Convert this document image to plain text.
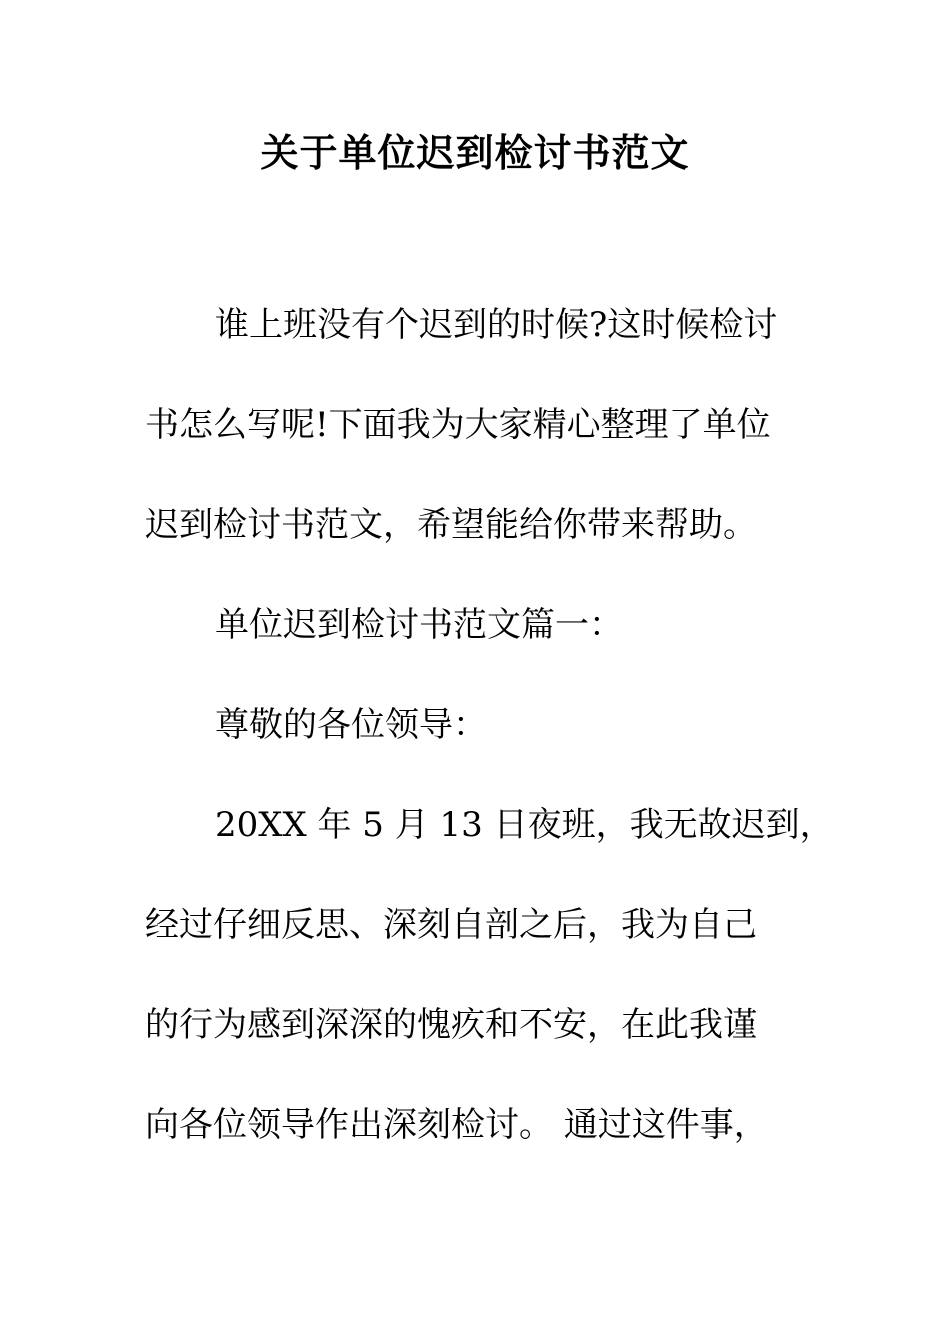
关于单位迟到检讨书范文

谁上班没有个迟到的时候?这时候检讨

书怎么写呢!下面我为大家精心整理了单位

迟到检讨书范文，希望能给你带来帮助。

单位迟到检讨书范文篇一：

尊敬的各位领导：

20XX 年 5 月 13 日夜班，我无故迟到，

经过仔细反思、深刻自剖之后，我为自己

的行为感到深深的愧疚和不安，在此我谨

向各位领导作出深刻检讨。 通过这件事，
